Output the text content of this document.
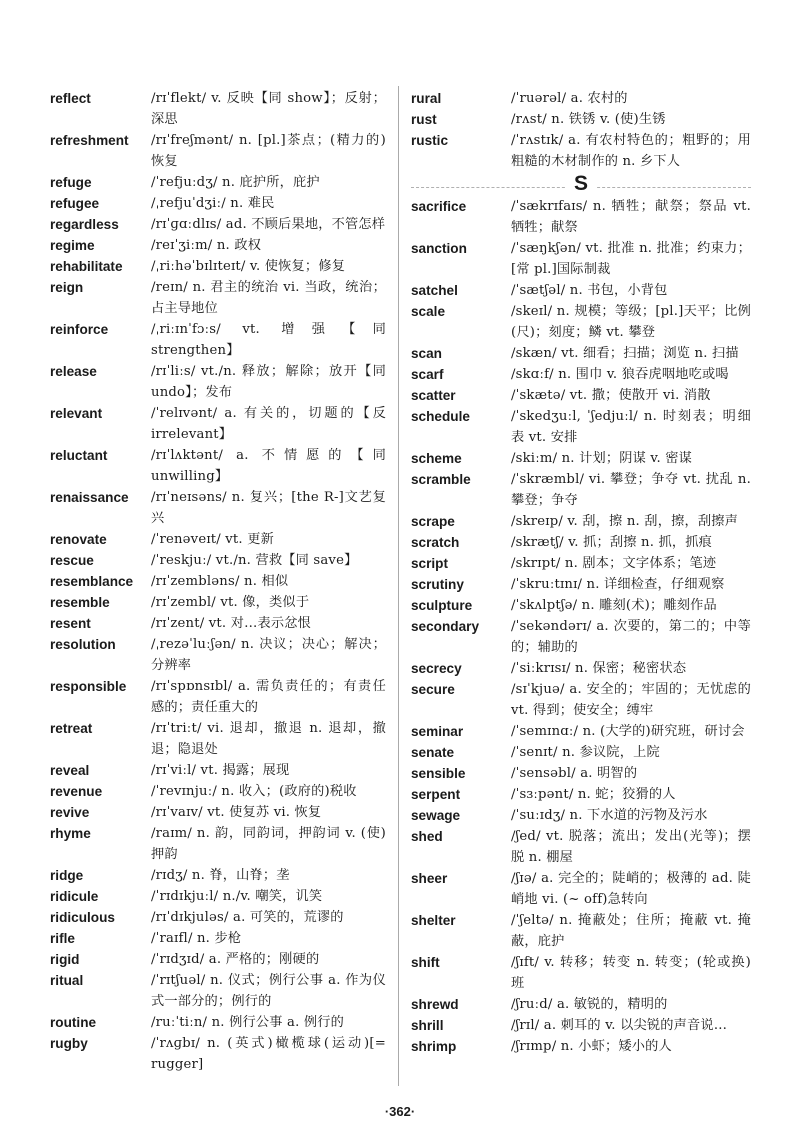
reflect	/rɪˈflekt/ v. 反映【同 show】；反射；深思
refreshment	/rɪˈfreʃmənt/ n. [pl.]茶点；(精力的)恢复
refuge	/ˈrefjuːdʒ/ n. 庇护所，庇护
refugee	/ˌrefjuˈdʒiː/ n. 难民
regardless	/rɪˈɡɑːdlɪs/ ad. 不顾后果地，不管怎样
regime	/reɪˈʒiːm/ n. 政权
rehabilitate	/ˌriːhəˈbɪlɪteɪt/ v. 使恢复；修复
reign	/reɪn/ n. 君主的统治 vi. 当政，统治；占主导地位
reinforce	/ˌriːɪnˈfɔːs/ vt. 增强【同 strengthen】
release	/rɪˈliːs/ vt./n. 释放；解除；放开【同 undo】；发布
relevant	/ˈrelɪvənt/ a. 有关的，切题的【反 irrelevant】
reluctant	/rɪˈlʌktənt/ a. 不情愿的【同 unwilling】
renaissance	/rɪˈneɪsəns/ n. 复兴；[the R-]文艺复兴
renovate	/ˈrenəveɪt/ vt. 更新
rescue	/ˈreskjuː/ vt./n. 营救【同 save】
resemblance	/rɪˈzembləns/ n. 相似
resemble	/rɪˈzembl/ vt. 像，类似于
resent	/rɪˈzent/ vt. 对…表示忿恨
resolution	/ˌrezəˈluːʃən/ n. 决议；决心；解决；分辨率
responsible	/rɪˈspɒnsɪbl/ a. 需负责任的；有责任感的；责任重大的
retreat	/rɪˈtriːt/ vi. 退却，撤退 n. 退却，撤退；隐退处
reveal	/rɪˈviːl/ vt. 揭露；展现
revenue	/ˈrevɪnjuː/ n. 收入；(政府的)税收
revive	/rɪˈvaɪv/ vt. 使复苏 vi. 恢复
rhyme	/raɪm/ n. 韵，同韵词，押韵词 v. (使)押韵
ridge	/rɪdʒ/ n. 脊，山脊；垄
ridicule	/ˈrɪdɪkjuːl/ n./v. 嘲笑，讥笑
ridiculous	/rɪˈdɪkjuləs/ a. 可笑的，荒谬的
rifle	/ˈraɪfl/ n. 步枪
rigid	/ˈrɪdʒɪd/ a. 严格的；刚硬的
ritual	/ˈrɪtʃuəl/ n. 仪式；例行公事 a. 作为仪式一部分的；例行的
routine	/ruːˈtiːn/ n. 例行公事 a. 例行的
rugby	/ˈrʌɡbɪ/ n. (英式)橄榄球(运动)[= rugger]
rural	/ˈruərəl/ a. 农村的
rust	/rʌst/ n. 铁锈 v. (使)生锈
rustic	/ˈrʌstɪk/ a. 有农村特色的；粗野的；用粗糙的木材制作的 n. 乡下人
S
sacrifice	/ˈsækrɪfaɪs/ n. 牺牲；献祭；祭品 vt. 牺牲；献祭
sanction	/ˈsæŋkʃən/ vt. 批准 n. 批准；约束力；[常 pl.]国际制裁
satchel	/ˈsætʃəl/ n. 书包，小背包
scale	/skeɪl/ n. 规模；等级；[pl.]天平；比例(尺)；刻度；鳞 vt. 攀登
scan	/skæn/ vt. 细看；扫描；浏览 n. 扫描
scarf	/skɑːf/ n. 围巾 v. 狼吞虎咽地吃或喝
scatter	/ˈskætə/ vt. 撒；使散开 vi. 消散
schedule	/ˈskedʒuːl, ˈʃedjuːl/ n. 时刻表；明细表 vt. 安排
scheme	/skiːm/ n. 计划；阴谋 v. 密谋
scramble	/ˈskræmbl/ vi. 攀登；争夺 vt. 扰乱 n. 攀登；争夺
scrape	/skreɪp/ v. 刮，擦 n. 刮，擦，刮擦声
scratch	/skrætʃ/ v. 抓；刮擦 n. 抓，抓痕
script	/skrɪpt/ n. 剧本；文字体系；笔迹
scrutiny	/ˈskruːtɪnɪ/ n. 详细检查，仔细观察
sculpture	/ˈskʌlptʃə/ n. 雕刻(术)；雕刻作品
secondary	/ˈsekəndərɪ/ a. 次要的，第二的；中等的；辅助的
secrecy	/ˈsiːkrɪsɪ/ n. 保密；秘密状态
secure	/sɪˈkjuə/ a. 安全的；牢固的；无忧虑的 vt. 得到；使安全；缚牢
seminar	/ˈsemɪnɑː/ n. (大学的)研究班，研讨会
senate	/ˈsenɪt/ n. 参议院，上院
sensible	/ˈsensəbl/ a. 明智的
serpent	/ˈsɜːpənt/ n. 蛇；狡猾的人
sewage	/ˈsuːɪdʒ/ n. 下水道的污物及污水
shed	/ʃed/ vt. 脱落；流出；发出(光等)；摆脱 n. 棚屋
sheer	/ʃɪə/ a. 完全的；陡峭的；极薄的 ad. 陡峭地 vi. (~ off)急转向
shelter	/ˈʃeltə/ n. 掩蔽处；住所；掩蔽 vt. 掩蔽，庇护
shift	/ʃɪft/ v. 转移；转变 n. 转变；(轮或换)班
shrewd	/ʃruːd/ a. 敏锐的，精明的
shrill	/ʃrɪl/ a. 刺耳的 v. 以尖锐的声音说…
shrimp	/ʃrɪmp/ n. 小虾；矮小的人
·362·
